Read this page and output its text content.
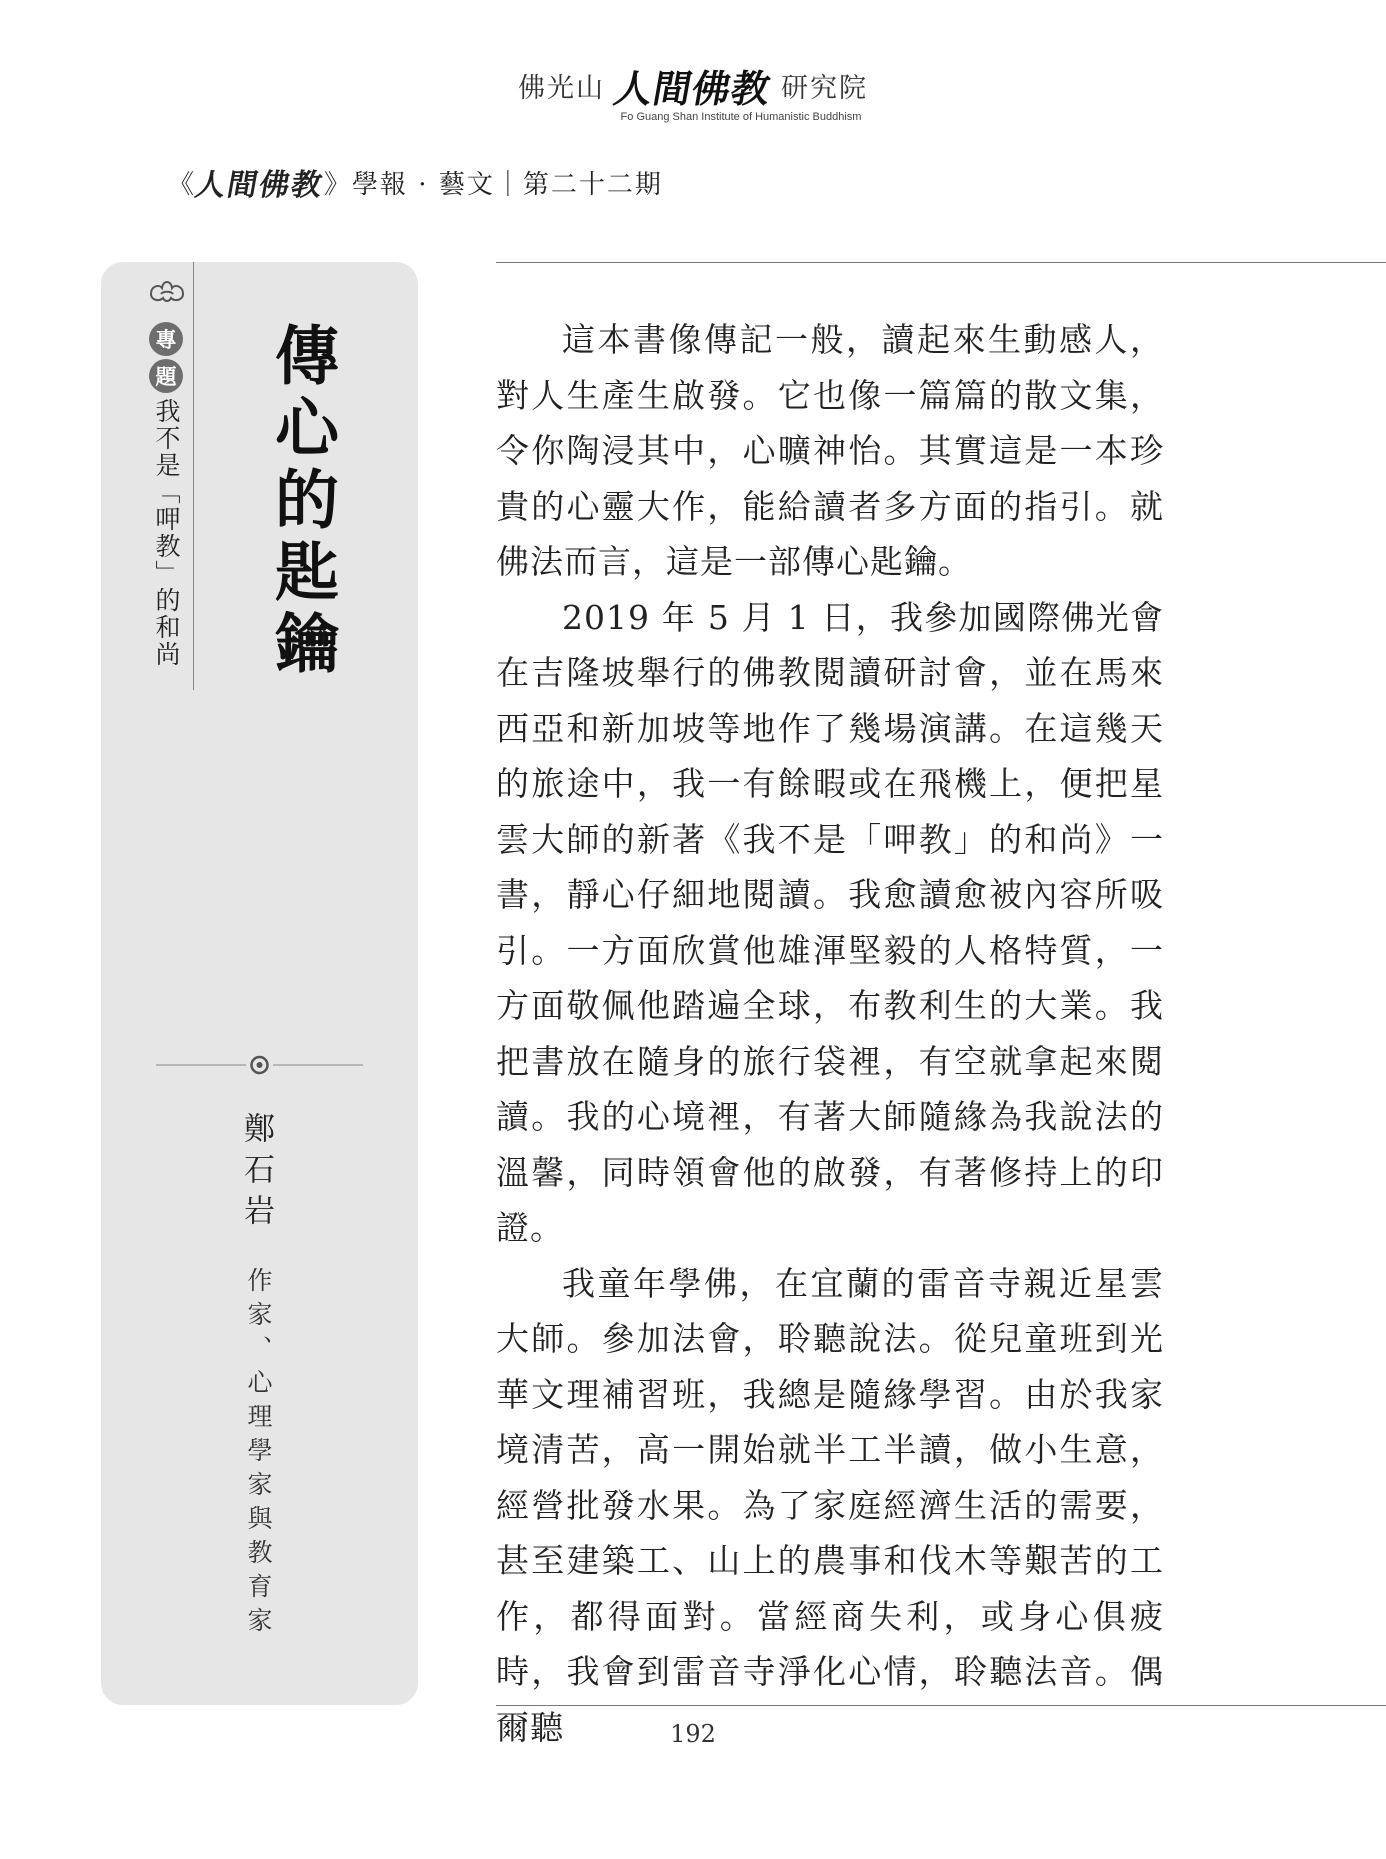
佛光山 人間佛教 研究院
Fo Guang Shan Institute of Humanistic Buddhism
《
人間佛教
》 學報 · 藝文｜第二十二期
專
題
我不是「呷教」的和尚 傳心的匙鑰
鄭石岩
作家、心理學家與教育家

這本書像傳記一般，讀起來生動感人，對人生產生啟發。它也像一篇篇的散文集，令你陶浸其中，心曠神怡。其實這是一本珍貴的心靈大作，能給讀者多方面的指引。就佛法而言，這是一部傳心匙鑰。

2019 年 5 月 1 日，我參加國際佛光會在吉隆坡舉行的佛教閱讀研討會，並在馬來西亞和新加坡等地作了幾場演講。在這幾天的旅途中，我一有餘暇或在飛機上，便把星雲大師的新著《我不是「呷教」的和尚》一書，靜心仔細地閱讀。我愈讀愈被內容所吸引。一方面欣賞他雄渾堅毅的人格特質，一方面敬佩他踏遍全球，布教利生的大業。我把書放在隨身的旅行袋裡，有空就拿起來閱讀。我的心境裡，有著大師隨緣為我說法的溫馨，同時領會他的啟發，有著修持上的印證。

我童年學佛，在宜蘭的雷音寺親近星雲大師。參加法會，聆聽說法。從兒童班到光華文理補習班，我總是隨緣學習。由於我家境清苦，高一開始就半工半讀，做小生意，經營批發水果。為了家庭經濟生活的需要，甚至建築工、山上的農事和伐木等艱苦的工作，都得面對。當經商失利，或身心俱疲時，我會到雷音寺淨化心情，聆聽法音。偶爾聽	192
